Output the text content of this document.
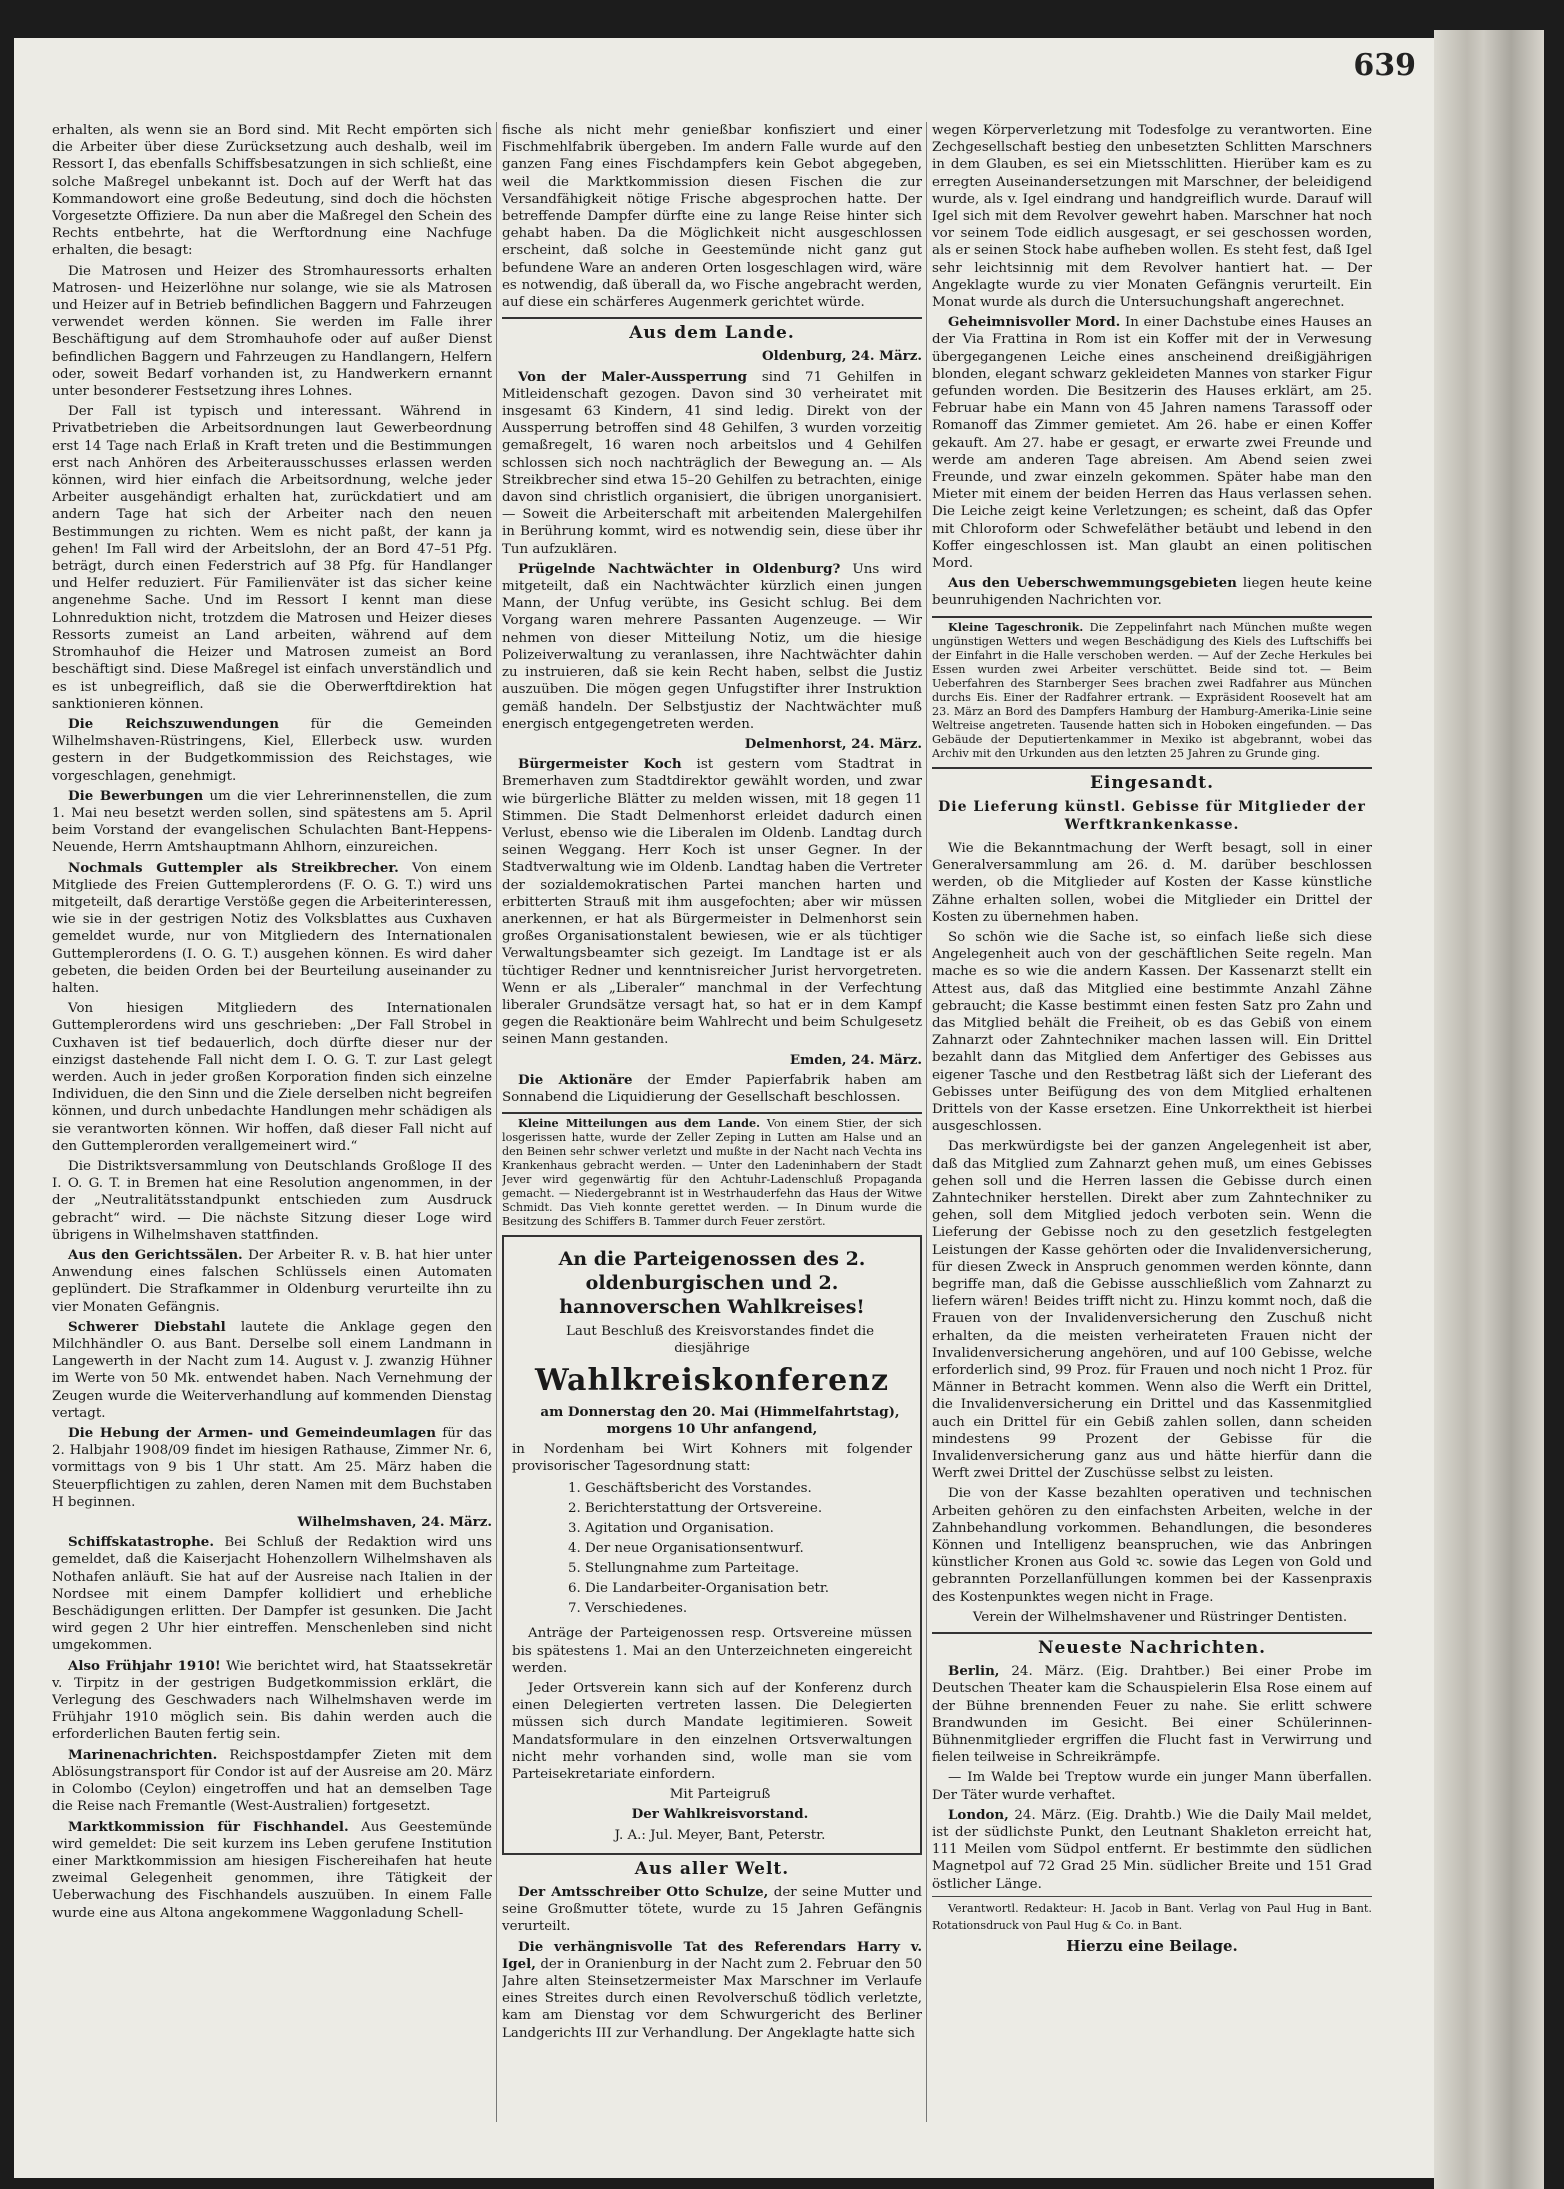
639

erhalten, als wenn sie an Bord sind. Mit Recht empörten sich die Arbeiter über diese Zurücksetzung auch deshalb, weil im Ressort I, das ebenfalls Schiffsbesatzungen in sich schließt, eine solche Maßregel unbekannt ist. Doch auf der Werft hat das Kommandowort eine große Bedeutung, sind doch die höchsten Vorgesetzte Offiziere. Da nun aber die Maßregel den Schein des Rechts entbehrte, hat die Werftordnung eine Nachfuge erhalten, die besagt:

Die Matrosen und Heizer des Stromhauressorts erhalten Matrosen- und Heizerlöhne nur solange, wie sie als Matrosen und Heizer auf in Betrieb befindlichen Baggern und Fahrzeugen verwendet werden können. Sie werden im Falle ihrer Beschäftigung auf dem Stromhauhofe oder auf außer Dienst befindlichen Baggern und Fahrzeugen zu Handlangern, Helfern oder, soweit Bedarf vorhanden ist, zu Handwerkern ernannt unter besonderer Festsetzung ihres Lohnes.

Der Fall ist typisch und interessant. Während in Privatbetrieben die Arbeitsordnungen laut Gewerbeordnung erst 14 Tage nach Erlaß in Kraft treten und die Bestimmungen erst nach Anhören des Arbeiterausschusses erlassen werden können, wird hier einfach die Arbeitsordnung, welche jeder Arbeiter ausgehändigt erhalten hat, zurückdatiert und am andern Tage hat sich der Arbeiter nach den neuen Bestimmungen zu richten. Wem es nicht paßt, der kann ja gehen! Im Fall wird der Arbeitslohn, der an Bord 47–51 Pfg. beträgt, durch einen Federstrich auf 38 Pfg. für Handlanger und Helfer reduziert. Für Familienväter ist das sicher keine angenehme Sache. Und im Ressort I kennt man diese Lohnreduktion nicht, trotzdem die Matrosen und Heizer dieses Ressorts zumeist an Land arbeiten, während auf dem Stromhauhof die Heizer und Matrosen zumeist an Bord beschäftigt sind. Diese Maßregel ist einfach unverständlich und es ist unbegreiflich, daß sie die Oberwerftdirektion hat sanktionieren können.

Die Reichszuwendungen für die Gemeinden Wilhelmshaven-Rüstringens, Kiel, Ellerbeck usw. wurden gestern in der Budgetkommission des Reichstages, wie vorgeschlagen, genehmigt.

Die Bewerbungen um die vier Lehrerinnenstellen, die zum 1. Mai neu besetzt werden sollen, sind spätestens am 5. April beim Vorstand der evangelischen Schulachten Bant-Heppens-Neuende, Herrn Amtshauptmann Ahlhorn, einzureichen.

Nochmals Guttempler als Streikbrecher. Von einem Mitgliede des Freien Guttemplerordens (F. O. G. T.) wird uns mitgeteilt, daß derartige Verstöße gegen die Arbeiterinteressen, wie sie in der gestrigen Notiz des Volksblattes aus Cuxhaven gemeldet wurde, nur von Mitgliedern des Internationalen Guttemplerordens (I. O. G. T.) ausgehen können. Es wird daher gebeten, die beiden Orden bei der Beurteilung auseinander zu halten.

Von hiesigen Mitgliedern des Internationalen Guttemplerordens wird uns geschrieben: „Der Fall Strobel in Cuxhaven ist tief bedauerlich, doch dürfte dieser nur der einzigst dastehende Fall nicht dem I. O. G. T. zur Last gelegt werden. Auch in jeder großen Korporation finden sich einzelne Individuen, die den Sinn und die Ziele derselben nicht begreifen können, und durch unbedachte Handlungen mehr schädigen als sie verantworten können. Wir hoffen, daß dieser Fall nicht auf den Guttemplerorden verallgemeinert wird.“

Die Distriktsversammlung von Deutschlands Großloge II des I. O. G. T. in Bremen hat eine Resolution angenommen, in der der „Neutralitätsstandpunkt entschieden zum Ausdruck gebracht“ wird. — Die nächste Sitzung dieser Loge wird übrigens in Wilhelmshaven stattfinden.

Aus den Gerichtssälen. Der Arbeiter R. v. B. hat hier unter Anwendung eines falschen Schlüssels einen Automaten geplündert. Die Strafkammer in Oldenburg verurteilte ihn zu vier Monaten Gefängnis.

Schwerer Diebstahl lautete die Anklage gegen den Milchhändler O. aus Bant. Derselbe soll einem Landmann in Langewerth in der Nacht zum 14. August v. J. zwanzig Hühner im Werte von 50 Mk. entwendet haben. Nach Vernehmung der Zeugen wurde die Weiterverhandlung auf kommenden Dienstag vertagt.

Die Hebung der Armen- und Gemeindeumlagen für das 2. Halbjahr 1908/09 findet im hiesigen Rathause, Zimmer Nr. 6, vormittags von 9 bis 1 Uhr statt. Am 25. März haben die Steuerpflichtigen zu zahlen, deren Namen mit dem Buchstaben H beginnen.

Wilhelmshaven, 24. März.

Schiffskatastrophe. Bei Schluß der Redaktion wird uns gemeldet, daß die Kaiserjacht Hohenzollern Wilhelmshaven als Nothafen anläuft. Sie hat auf der Ausreise nach Italien in der Nordsee mit einem Dampfer kollidiert und erhebliche Beschädigungen erlitten. Der Dampfer ist gesunken. Die Jacht wird gegen 2 Uhr hier eintreffen. Menschenleben sind nicht umgekommen.

Also Frühjahr 1910! Wie berichtet wird, hat Staatssekretär v. Tirpitz in der gestrigen Budgetkommission erklärt, die Verlegung des Geschwaders nach Wilhelmshaven werde im Frühjahr 1910 möglich sein. Bis dahin werden auch die erforderlichen Bauten fertig sein.

Marinenachrichten. Reichspostdampfer Zieten mit dem Ablösungstransport für Condor ist auf der Ausreise am 20. März in Colombo (Ceylon) eingetroffen und hat an demselben Tage die Reise nach Fremantle (West-Australien) fortgesetzt.

Marktkommission für Fischhandel. Aus Geestemünde wird gemeldet: Die seit kurzem ins Leben gerufene Institution einer Marktkommission am hiesigen Fischereihafen hat heute zweimal Gelegenheit genommen, ihre Tätigkeit der Ueberwachung des Fischhandels auszuüben. In einem Falle wurde eine aus Altona angekommene Waggonladung Schell-

fische als nicht mehr genießbar konfisziert und einer Fischmehlfabrik übergeben. Im andern Falle wurde auf den ganzen Fang eines Fischdampfers kein Gebot abgegeben, weil die Marktkommission diesen Fischen die zur Versandfähigkeit nötige Frische abgesprochen hatte. Der betreffende Dampfer dürfte eine zu lange Reise hinter sich gehabt haben. Da die Möglichkeit nicht ausgeschlossen erscheint, daß solche in Geestemünde nicht ganz gut befundene Ware an anderen Orten losgeschlagen wird, wäre es notwendig, daß überall da, wo Fische angebracht werden, auf diese ein schärferes Augenmerk gerichtet würde.

Aus dem Lande.

Oldenburg, 24. März.

Von der Maler-Aussperrung sind 71 Gehilfen in Mitleidenschaft gezogen. Davon sind 30 verheiratet mit insgesamt 63 Kindern, 41 sind ledig. Direkt von der Aussperrung betroffen sind 48 Gehilfen, 3 wurden vorzeitig gemaßregelt, 16 waren noch arbeitslos und 4 Gehilfen schlossen sich noch nachträglich der Bewegung an. — Als Streikbrecher sind etwa 15–20 Gehilfen zu betrachten, einige davon sind christlich organisiert, die übrigen unorganisiert. — Soweit die Arbeiterschaft mit arbeitenden Malergehilfen in Berührung kommt, wird es notwendig sein, diese über ihr Tun aufzuklären.

Prügelnde Nachtwächter in Oldenburg? Uns wird mitgeteilt, daß ein Nachtwächter kürzlich einen jungen Mann, der Unfug verübte, ins Gesicht schlug. Bei dem Vorgang waren mehrere Passanten Augenzeuge. — Wir nehmen von dieser Mitteilung Notiz, um die hiesige Polizeiverwaltung zu veranlassen, ihre Nachtwächter dahin zu instruieren, daß sie kein Recht haben, selbst die Justiz auszuüben. Die mögen gegen Unfugstifter ihrer Instruktion gemäß handeln. Der Selbstjustiz der Nachtwächter muß energisch entgegengetreten werden.

Delmenhorst, 24. März.

Bürgermeister Koch ist gestern vom Stadtrat in Bremerhaven zum Stadtdirektor gewählt worden, und zwar wie bürgerliche Blätter zu melden wissen, mit 18 gegen 11 Stimmen. Die Stadt Delmenhorst erleidet dadurch einen Verlust, ebenso wie die Liberalen im Oldenb. Landtag durch seinen Weggang. Herr Koch ist unser Gegner. In der Stadtverwaltung wie im Oldenb. Landtag haben die Vertreter der sozialdemokratischen Partei manchen harten und erbitterten Strauß mit ihm ausgefochten; aber wir müssen anerkennen, er hat als Bürgermeister in Delmenhorst sein großes Organisationstalent bewiesen, wie er als tüchtiger Verwaltungsbeamter sich gezeigt. Im Landtage ist er als tüchtiger Redner und kenntnisreicher Jurist hervorgetreten. Wenn er als „Liberaler“ manchmal in der Verfechtung liberaler Grundsätze versagt hat, so hat er in dem Kampf gegen die Reaktionäre beim Wahlrecht und beim Schulgesetz seinen Mann gestanden.

Emden, 24. März.

Die Aktionäre der Emder Papierfabrik haben am Sonnabend die Liquidierung der Gesellschaft beschlossen.

Kleine Mitteilungen aus dem Lande. Von einem Stier, der sich losgerissen hatte, wurde der Zeller Zeping in Lutten am Halse und an den Beinen sehr schwer verletzt und mußte in der Nacht nach Vechta ins Krankenhaus gebracht werden. — Unter den Ladeninhabern der Stadt Jever wird gegenwärtig für den Achtuhr-Ladenschluß Propaganda gemacht. — Niedergebrannt ist in Westrhauderfehn das Haus der Witwe Schmidt. Das Vieh konnte gerettet werden. — In Dinum wurde die Besitzung des Schiffers B. Tammer durch Feuer zerstört.

An die Parteigenossen des 2. oldenburgischen und 2. hannoverschen Wahlkreises!

Laut Beschluß des Kreisvorstandes findet die diesjährige

Wahlkreiskonferenz

am Donnerstag den 20. Mai (Himmelfahrtstag), morgens 10 Uhr anfangend,

in Nordenham bei Wirt Kohners mit folgender provisorischer Tagesordnung statt:

1. Geschäftsbericht des Vorstandes.
2. Berichterstattung der Ortsvereine.
3. Agitation und Organisation.
4. Der neue Organisationsentwurf.
5. Stellungnahme zum Parteitage.
6. Die Landarbeiter-Organisation betr.
7. Verschiedenes.

Anträge der Parteigenossen resp. Ortsvereine müssen bis spätestens 1. Mai an den Unterzeichneten eingereicht werden.

Jeder Ortsverein kann sich auf der Konferenz durch einen Delegierten vertreten lassen. Die Delegierten müssen sich durch Mandate legitimieren. Soweit Mandatsformulare in den einzelnen Ortsverwaltungen nicht mehr vorhanden sind, wolle man sie vom Parteisekretariate einfordern.

Mit Parteigruß

Der Wahlkreisvorstand.

J. A.: Jul. Meyer, Bant, Peterstr.

Aus aller Welt.

Der Amtsschreiber Otto Schulze, der seine Mutter und seine Großmutter tötete, wurde zu 15 Jahren Gefängnis verurteilt.

Die verhängnisvolle Tat des Referendars Harry v. Igel, der in Oranienburg in der Nacht zum 2. Februar den 50 Jahre alten Steinsetzermeister Max Marschner im Verlaufe eines Streites durch einen Revolverschuß tödlich verletzte, kam am Dienstag vor dem Schwurgericht des Berliner Landgerichts III zur Verhandlung. Der Angeklagte hatte sich

wegen Körperverletzung mit Todesfolge zu verantworten. Eine Zechgesellschaft bestieg den unbesetzten Schlitten Marschners in dem Glauben, es sei ein Mietsschlitten. Hierüber kam es zu erregten Auseinandersetzungen mit Marschner, der beleidigend wurde, als v. Igel eindrang und handgreiflich wurde. Darauf will Igel sich mit dem Revolver gewehrt haben. Marschner hat noch vor seinem Tode eidlich ausgesagt, er sei geschossen worden, als er seinen Stock habe aufheben wollen. Es steht fest, daß Igel sehr leichtsinnig mit dem Revolver hantiert hat. — Der Angeklagte wurde zu vier Monaten Gefängnis verurteilt. Ein Monat wurde als durch die Untersuchungshaft angerechnet.

Geheimnisvoller Mord. In einer Dachstube eines Hauses an der Via Frattina in Rom ist ein Koffer mit der in Verwesung übergegangenen Leiche eines anscheinend dreißigjährigen blonden, elegant schwarz gekleideten Mannes von starker Figur gefunden worden. Die Besitzerin des Hauses erklärt, am 25. Februar habe ein Mann von 45 Jahren namens Tarassoff oder Romanoff das Zimmer gemietet. Am 26. habe er einen Koffer gekauft. Am 27. habe er gesagt, er erwarte zwei Freunde und werde am anderen Tage abreisen. Am Abend seien zwei Freunde, und zwar einzeln gekommen. Später habe man den Mieter mit einem der beiden Herren das Haus verlassen sehen. Die Leiche zeigt keine Verletzungen; es scheint, daß das Opfer mit Chloroform oder Schwefeläther betäubt und lebend in den Koffer eingeschlossen ist. Man glaubt an einen politischen Mord.

Aus den Ueberschwemmungsgebieten liegen heute keine beunruhigenden Nachrichten vor.

Kleine Tageschronik. Die Zeppelinfahrt nach München mußte wegen ungünstigen Wetters und wegen Beschädigung des Kiels des Luftschiffs bei der Einfahrt in die Halle verschoben werden. — Auf der Zeche Herkules bei Essen wurden zwei Arbeiter verschüttet. Beide sind tot. — Beim Ueberfahren des Starnberger Sees brachen zwei Radfahrer aus München durchs Eis. Einer der Radfahrer ertrank. — Expräsident Roosevelt hat am 23. März an Bord des Dampfers Hamburg der Hamburg-Amerika-Linie seine Weltreise angetreten. Tausende hatten sich in Hoboken eingefunden. — Das Gebäude der Deputiertenkammer in Mexiko ist abgebrannt, wobei das Archiv mit den Urkunden aus den letzten 25 Jahren zu Grunde ging.

Eingesandt.
Die Lieferung künstl. Gebisse für Mitglieder der Werftkrankenkasse.

Wie die Bekanntmachung der Werft besagt, soll in einer Generalversammlung am 26. d. M. darüber beschlossen werden, ob die Mitglieder auf Kosten der Kasse künstliche Zähne erhalten sollen, wobei die Mitglieder ein Drittel der Kosten zu übernehmen haben.

So schön wie die Sache ist, so einfach ließe sich diese Angelegenheit auch von der geschäftlichen Seite regeln. Man mache es so wie die andern Kassen. Der Kassenarzt stellt ein Attest aus, daß das Mitglied eine bestimmte Anzahl Zähne gebraucht; die Kasse bestimmt einen festen Satz pro Zahn und das Mitglied behält die Freiheit, ob es das Gebiß von einem Zahnarzt oder Zahntechniker machen lassen will. Ein Drittel bezahlt dann das Mitglied dem Anfertiger des Gebisses aus eigener Tasche und den Restbetrag läßt sich der Lieferant des Gebisses unter Beifügung des von dem Mitglied erhaltenen Drittels von der Kasse ersetzen. Eine Unkorrektheit ist hierbei ausgeschlossen.

Das merkwürdigste bei der ganzen Angelegenheit ist aber, daß das Mitglied zum Zahnarzt gehen muß, um eines Gebisses gehen soll und die Herren lassen die Gebisse durch einen Zahntechniker herstellen. Direkt aber zum Zahntechniker zu gehen, soll dem Mitglied jedoch verboten sein. Wenn die Lieferung der Gebisse noch zu den gesetzlich festgelegten Leistungen der Kasse gehörten oder die Invalidenversicherung, für diesen Zweck in Anspruch genommen werden könnte, dann begriffe man, daß die Gebisse ausschließlich vom Zahnarzt zu liefern wären! Beides trifft nicht zu. Hinzu kommt noch, daß die Frauen von der Invalidenversicherung den Zuschuß nicht erhalten, da die meisten verheirateten Frauen nicht der Invalidenversicherung angehören, und auf 100 Gebisse, welche erforderlich sind, 99 Proz. für Frauen und noch nicht 1 Proz. für Männer in Betracht kommen. Wenn also die Werft ein Drittel, die Invalidenversicherung ein Drittel und das Kassenmitglied auch ein Drittel für ein Gebiß zahlen sollen, dann scheiden mindestens 99 Prozent der Gebisse für die Invalidenversicherung ganz aus und hätte hierfür dann die Werft zwei Drittel der Zuschüsse selbst zu leisten.

Die von der Kasse bezahlten operativen und technischen Arbeiten gehören zu den einfachsten Arbeiten, welche in der Zahnbehandlung vorkommen. Behandlungen, die besonderes Können und Intelligenz beanspruchen, wie das Anbringen künstlicher Kronen aus Gold ꝛc. sowie das Legen von Gold und gebrannten Porzellanfüllungen kommen bei der Kassenpraxis des Kostenpunktes wegen nicht in Frage.

Verein der Wilhelmshavener und Rüstringer Dentisten.

Neueste Nachrichten.

Berlin, 24. März. (Eig. Drahtber.) Bei einer Probe im Deutschen Theater kam die Schauspielerin Elsa Rose einem auf der Bühne brennenden Feuer zu nahe. Sie erlitt schwere Brandwunden im Gesicht. Bei einer Schülerinnen-Bühnenmitglieder ergriffen die Flucht fast in Verwirrung und fielen teilweise in Schreikrämpfe.

— Im Walde bei Treptow wurde ein junger Mann überfallen. Der Täter wurde verhaftet.

London, 24. März. (Eig. Drahtb.) Wie die Daily Mail meldet, ist der südlichste Punkt, den Leutnant Shakleton erreicht hat, 111 Meilen vom Südpol entfernt. Er bestimmte den südlichen Magnetpol auf 72 Grad 25 Min. südlicher Breite und 151 Grad östlicher Länge.

Verantwortl. Redakteur: H. Jacob in Bant. Verlag von Paul Hug in Bant. Rotationsdruck von Paul Hug & Co. in Bant.

Hierzu eine Beilage.
